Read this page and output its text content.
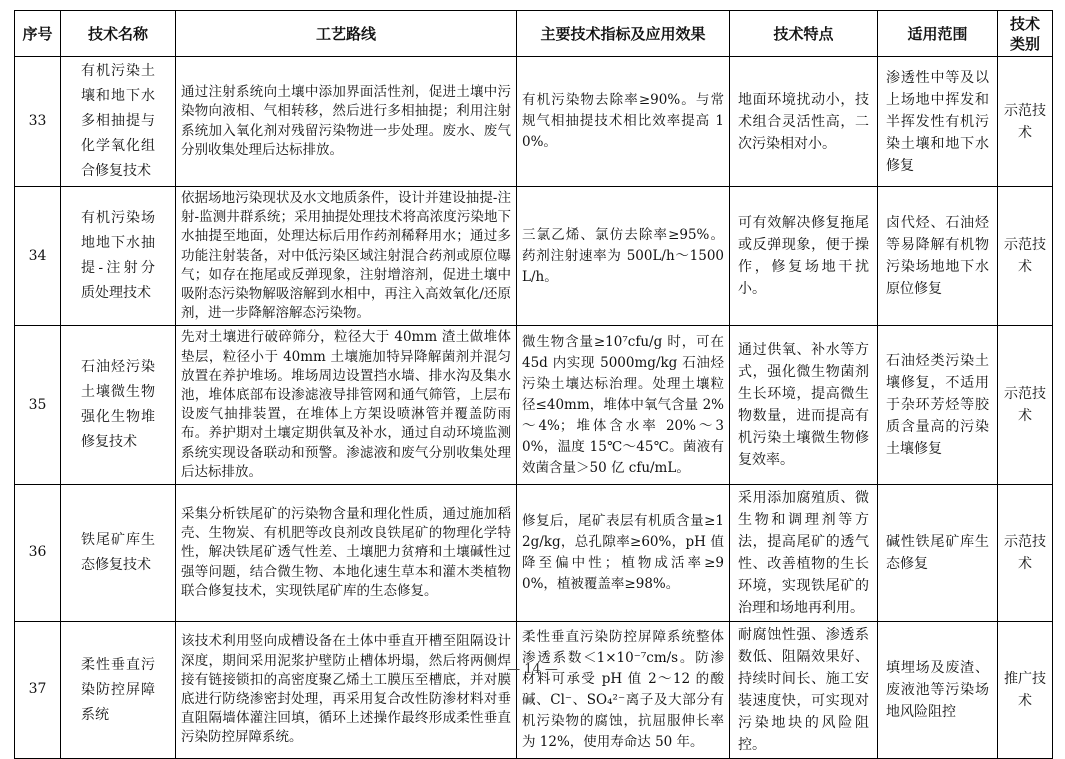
序号	技术名称	工艺路线	主要技术指标及应用效果	技术特点	适用范围	技术类别
33	有机污染土壤和地下水多相抽提与化学氧化组合修复技术	通过注射系统向土壤中添加界面活性剂，促进土壤中污染物向液相、气相转移，然后进行多相抽提；利用注射系统加入氧化剂对残留污染物进一步处理。废水、废气分别收集处理后达标排放。	有机污染物去除率≥90%。与常规气相抽提技术相比效率提高 10%。	地面环境扰动小，技术组合灵活性高，二次污染相对小。	渗透性中等及以上场地中挥发和半挥发性有机污染土壤和地下水修复	示范技术
34	有机污染场地地下水抽提-注射分质处理技术	依据场地污染现状及水文地质条件，设计并建设抽提-注射-监测井群系统；采用抽提处理技术将高浓度污染地下水抽提至地面，处理达标后用作药剂稀释用水；通过多功能注射装备，对中低污染区域注射混合药剂或原位曝气；如存在拖尾或反弹现象，注射增溶剂，促进土壤中吸附态污染物解吸溶解到水相中，再注入高效氧化/还原剂，进一步降解溶解态污染物。	三氯乙烯、氯仿去除率≥95%。药剂注射速率为 500L/h～1500L/h。	可有效解决修复拖尾或反弹现象，便于操作，修复场地干扰小。	卤代烃、石油烃等易降解有机物污染场地地下水原位修复	示范技术
35	石油烃污染土壤微生物强化生物堆修复技术	先对土壤进行破碎筛分，粒径大于 40mm 渣土做堆体垫层，粒径小于 40mm 土壤施加特异降解菌剂并混匀放置在养护堆场。堆场周边设置挡水墙、排水沟及集水池，堆体底部布设渗滤液导排管网和通气筛管，上层布设废气抽排装置，在堆体上方架设喷淋管并覆盖防雨布。养护期对土壤定期供氧及补水，通过自动环境监测系统实现设备联动和预警。渗滤液和废气分别收集处理后达标排放。	微生物含量≥10⁷cfu/g 时，可在 45d 内实现 5000mg/kg 石油烃污染土壤达标治理。处理土壤粒径≤40mm，堆体中氧气含量 2%～4%；堆体含水率 20%～30%，温度 15℃～45℃。菌液有效菌含量＞50 亿 cfu/mL。	通过供氧、补水等方式，强化微生物菌剂生长环境，提高微生物数量，进而提高有机污染土壤微生物修复效率。	石油烃类污染土壤修复，不适用于杂环芳烃等胶质含量高的污染土壤修复	示范技术
36	铁尾矿库生态修复技术	采集分析铁尾矿的污染物含量和理化性质，通过施加稻壳、生物炭、有机肥等改良剂改良铁尾矿的物理化学特性，解决铁尾矿透气性差、土壤肥力贫瘠和土壤碱性过强等问题，结合微生物、本地化速生草本和灌木类植物联合修复技术，实现铁尾矿库的生态修复。	修复后，尾矿表层有机质含量≥12g/kg，总孔隙率≥60%，pH 值降至偏中性；植物成活率≥90%，植被覆盖率≥98%。	采用添加腐殖质、微生物和调理剂等方法，提高尾矿的透气性、改善植物的生长环境，实现铁尾矿的治理和场地再利用。	碱性铁尾矿库生态修复	示范技术
37	柔性垂直污染防控屏障系统	该技术利用竖向成槽设备在土体中垂直开槽至阻隔设计深度，期间采用泥浆护壁防止槽体坍塌，然后将两侧焊接有链接锁扣的高密度聚乙烯土工膜压至槽底，并对膜底进行防绕渗密封处理，再采用复合改性防渗材料对垂直阻隔墙体灌注回填，循环上述操作最终形成柔性垂直污染防控屏障系统。	柔性垂直污染防控屏障系统整体渗透系数＜1×10⁻⁷cm/s。防渗材料可承受 pH 值 2～12 的酸碱、Cl⁻、SO₄²⁻离子及大部分有机污染物的腐蚀，抗屈服伸长率为 12%，使用寿命达 50 年。	耐腐蚀性强、渗透系数低、阻隔效果好、持续时间长、施工安装速度快，可实现对污染地块的风险阻控。	填埋场及废渣、废液池等污染场地风险阻控	推广技术
— 14 —
